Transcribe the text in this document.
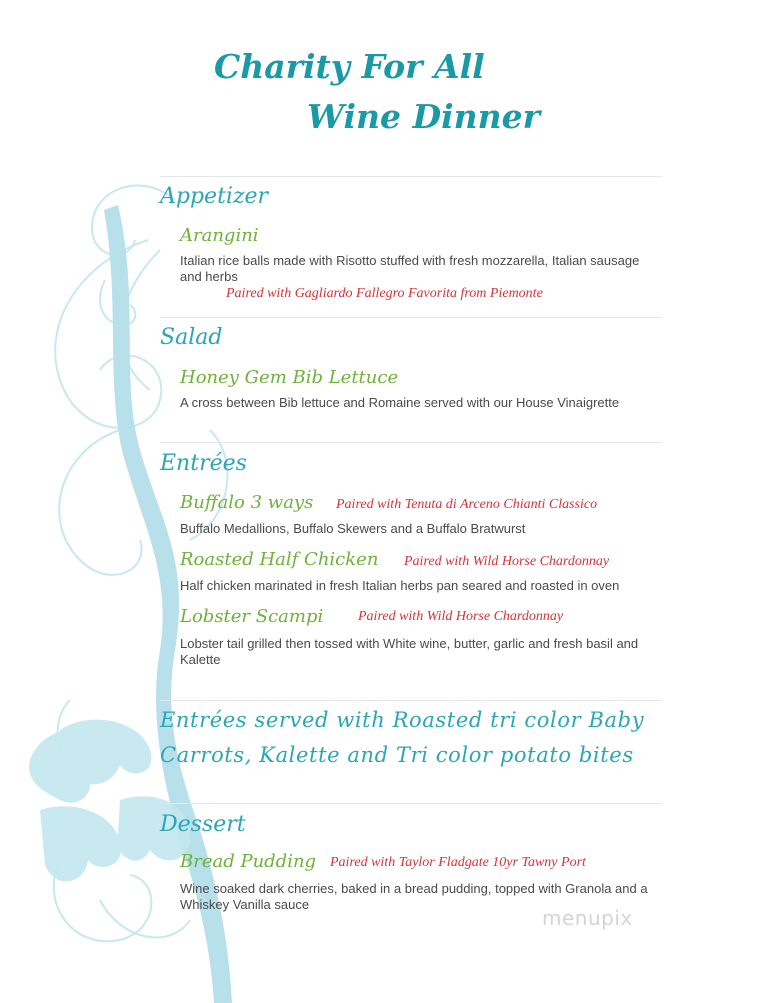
Charity For All
Wine Dinner
Appetizer
Arangini
Italian rice balls made with Risotto stuffed with fresh mozzarella, Italian sausage and herbs
Paired with Gagliardo Fallegro Favorita from Piemonte
Salad
Honey Gem Bib Lettuce
A cross between Bib lettuce and Romaine served with our House Vinaigrette
Entrées
Buffalo 3 ways Paired with Tenuta di Arceno Chianti Classico
Buffalo Medallions, Buffalo Skewers and a Buffalo Bratwurst
Roasted Half Chicken Paired with Wild Horse Chardonnay
Half chicken marinated in fresh Italian herbs pan seared and roasted in oven
Lobster Scampi Paired with Wild Horse Chardonnay
Lobster tail grilled then tossed with White wine, butter, garlic and fresh basil and Kalette
Entrées served with Roasted tri color Baby Carrots, Kalette and Tri color potato bites
Dessert
Bread Pudding Paired with Taylor Fladgate 10yr Tawny Port
Wine soaked dark cherries, baked in a bread pudding, topped with Granola and a Whiskey Vanilla sauce
menupix
